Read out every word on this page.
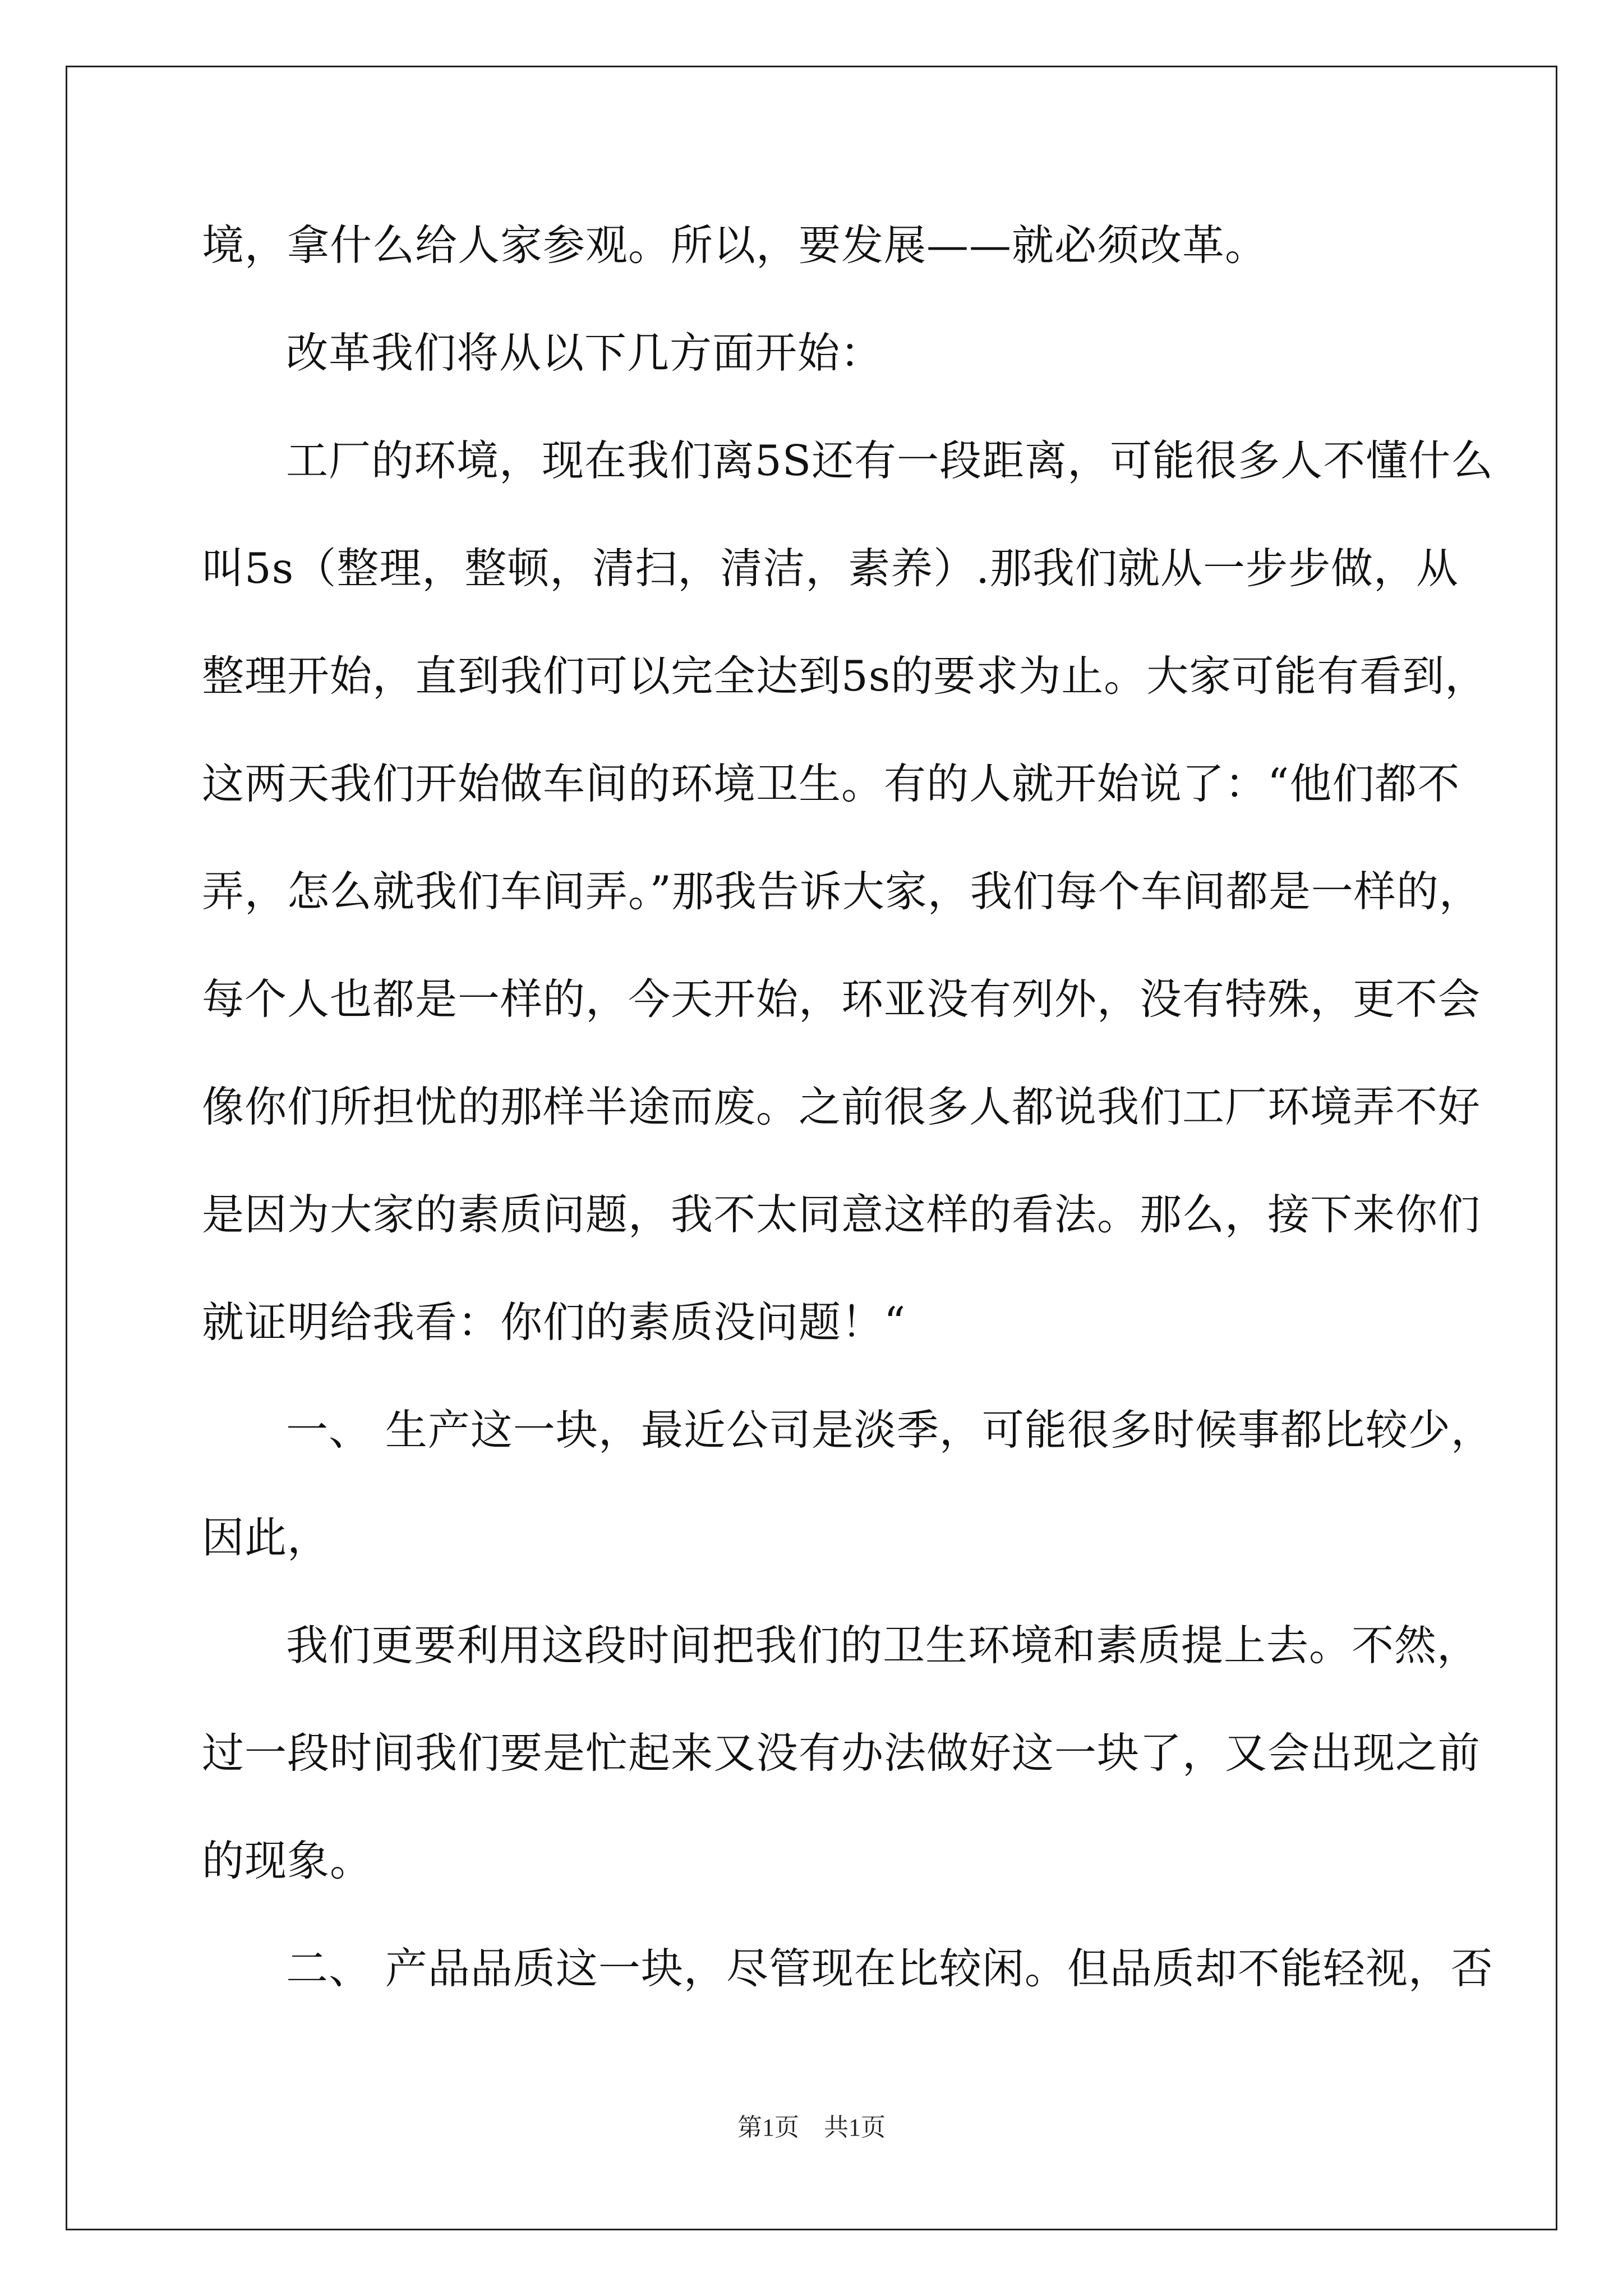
境，拿什么给人家参观。所以，要发展——就必须改革。

改革我们将从以下几方面开始：

工厂的环境，现在我们离5S还有一段距离，可能很多人不懂什么

叫5s（整理，整顿，清扫，清洁，素养）.那我们就从一步步做，从

整理开始，直到我们可以完全达到5s的要求为止。大家可能有看到，

这两天我们开始做车间的环境卫生。有的人就开始说了：“他们都不

弄，怎么就我们车间弄。”那我告诉大家，我们每个车间都是一样的，

每个人也都是一样的，今天开始，环亚没有列外，没有特殊，更不会

像你们所担忧的那样半途而废。之前很多人都说我们工厂环境弄不好

是因为大家的素质问题，我不太同意这样的看法。那么，接下来你们

就证明给我看：你们的素质没问题！“

一、 生产这一块，最近公司是淡季，可能很多时候事都比较少，

因此，

我们更要利用这段时间把我们的卫生环境和素质提上去。不然，

过一段时间我们要是忙起来又没有办法做好这一块了，又会出现之前

的现象。

二、 产品品质这一块，尽管现在比较闲。但品质却不能轻视，否

第1页　共1页
